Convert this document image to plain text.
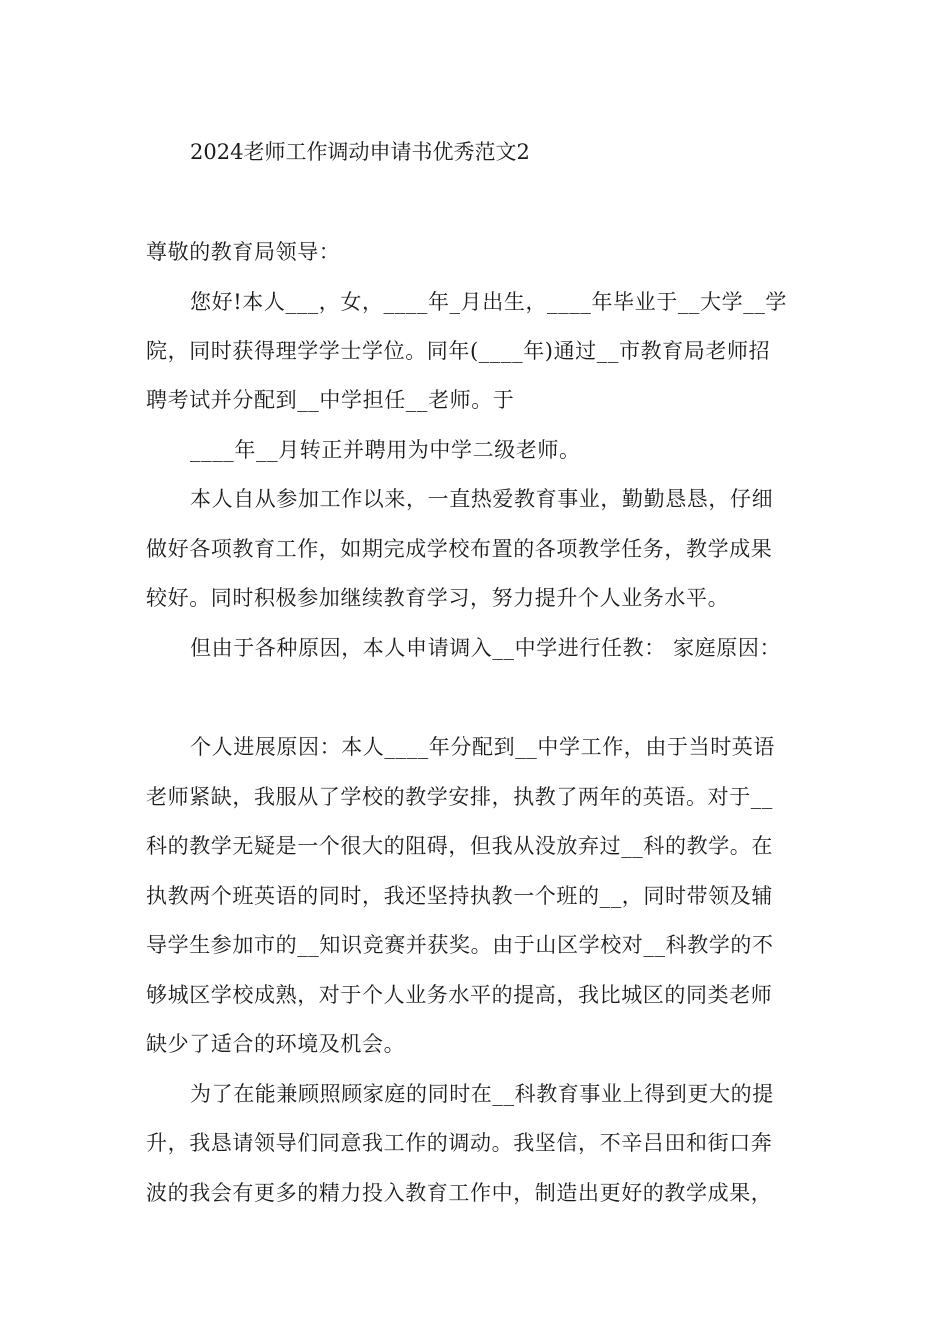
2024老师工作调动申请书优秀范文2
尊敬的教育局领导：
您好!本人___，女，____年_月出生，____年毕业于__大学__学
院，同时获得理学学士学位。同年(____年)通过__市教育局老师招
聘考试并分配到__中学担任__老师。于
____年__月转正并聘用为中学二级老师。
本人自从参加工作以来，一直热爱教育事业，勤勤恳恳，仔细
做好各项教育工作，如期完成学校布置的各项教学任务，教学成果
较好。同时积极参加继续教育学习，努力提升个人业务水平。
但由于各种原因，本人申请调入__中学进行任教： 家庭原因：
个人进展原因：本人____年分配到__中学工作，由于当时英语
老师紧缺，我服从了学校的教学安排，执教了两年的英语。对于__
科的教学无疑是一个很大的阻碍，但我从没放弃过__科的教学。在
执教两个班英语的同时，我还坚持执教一个班的__，同时带领及辅
导学生参加市的__知识竞赛并获奖。由于山区学校对__科教学的不
够城区学校成熟，对于个人业务水平的提高，我比城区的同类老师
缺少了适合的环境及机会。
为了在能兼顾照顾家庭的同时在__科教育事业上得到更大的提
升，我恳请领导们同意我工作的调动。我坚信，不辛吕田和街口奔
波的我会有更多的精力投入教育工作中，制造出更好的教学成果，
